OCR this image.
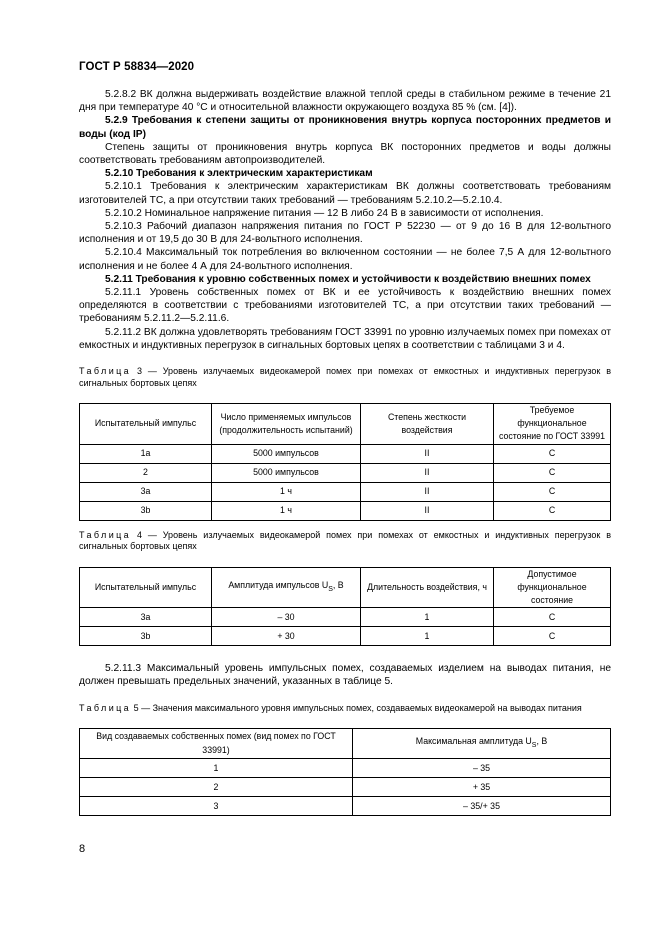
ГОСТ Р 58834—2020

5.2.8.2 ВК должна выдерживать воздействие влажной теплой среды в стабильном режиме в течение 21 дня при температуре 40 °С и относительной влажности окружающего воздуха 85 % (см. [4]).

5.2.9 Требования к степени защиты от проникновения внутрь корпуса посторонних предметов и воды (код IP)

Степень защиты от проникновения внутрь корпуса ВК посторонних предметов и воды должны соответствовать требованиям автопроизводителей.

5.2.10 Требования к электрическим характеристикам

5.2.10.1 Требования к электрическим характеристикам ВК должны соответствовать требованиям изготовителей ТС, а при отсутствии таких требований — требованиям 5.2.10.2—5.2.10.4.

5.2.10.2 Номинальное напряжение питания — 12 В либо 24 В в зависимости от исполнения.

5.2.10.3 Рабочий диапазон напряжения питания по ГОСТ Р 52230 — от 9 до 16 В для 12-вольтного исполнения и от 19,5 до 30 В для 24-вольтного исполнения.

5.2.10.4 Максимальный ток потребления во включенном состоянии — не более 7,5 А для 12-вольтного исполнения и не более 4 А для 24-вольтного исполнения.

5.2.11 Требования к уровню собственных помех и устойчивости к воздействию внешних помех

5.2.11.1 Уровень собственных помех от ВК и ее устойчивость к воздействию внешних помех определяются в соответствии с требованиями изготовителей ТС, а при отсутствии таких требований — требованиям 5.2.11.2—5.2.11.6.

5.2.11.2 ВК должна удовлетворять требованиям ГОСТ 33991 по уровню излучаемых помех при помехах от емкостных и индуктивных перегрузок в сигнальных бортовых цепях в соответствии с таблицами 3 и 4.

Таблица 3 — Уровень излучаемых видеокамерой помех при помехах от емкостных и индуктивных перегрузок в сигнальных бортовых цепях

Испытательный импульс	Число применяемых импульсов (продолжительность испытаний)	Степень жесткости воздействия	Требуемое функциональное состояние по ГОСТ 33991
1а	5000 импульсов	II	С
2	5000 импульсов	II	С
3а	1 ч	II	С
3b	1 ч	II	С

Таблица 4 — Уровень излучаемых видеокамерой помех при помехах от емкостных и индуктивных перегрузок в сигнальных бортовых цепях

Испытательный импульс	Амплитуда импульсов $U_S$, В	Длительность воздействия, ч	Допустимое функциональное состояние
3а	– 30	1	С
3b	+ 30	1	С

5.2.11.3 Максимальный уровень импульсных помех, создаваемых изделием на выводах питания, не должен превышать предельных значений, указанных в таблице 5.

Таблица 5 — Значения максимального уровня импульсных помех, создаваемых видеокамерой на выводах питания

Вид создаваемых собственных помех (вид помех по ГОСТ 33991)	Максимальная амплитуда $U_S$, В
1	– 35
2	+ 35
3	– 35/+ 35
8
